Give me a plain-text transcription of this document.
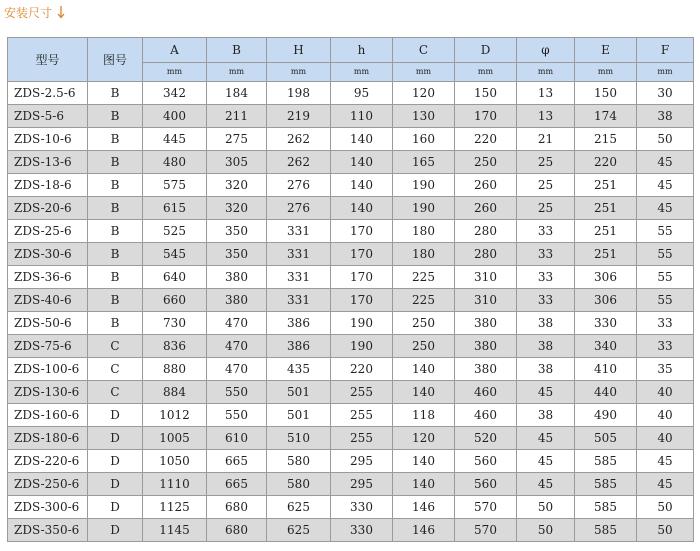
安装尺寸
型号	图号	A	B	H	h	C	D	φ	E	F
		mm	mm	mm	mm	mm	mm	mm	mm	mm
ZDS-2.5-6	B	342	184	198	95	120	150	13	150	30
ZDS-5-6	B	400	211	219	110	130	170	13	174	38
ZDS-10-6	B	445	275	262	140	160	220	21	215	50
ZDS-13-6	B	480	305	262	140	165	250	25	220	45
ZDS-18-6	B	575	320	276	140	190	260	25	251	45
ZDS-20-6	B	615	320	276	140	190	260	25	251	45
ZDS-25-6	B	525	350	331	170	180	280	33	251	55
ZDS-30-6	B	545	350	331	170	180	280	33	251	55
ZDS-36-6	B	640	380	331	170	225	310	33	306	55
ZDS-40-6	B	660	380	331	170	225	310	33	306	55
ZDS-50-6	B	730	470	386	190	250	380	38	330	33
ZDS-75-6	C	836	470	386	190	250	380	38	340	33
ZDS-100-6	C	880	470	435	220	140	380	38	410	35
ZDS-130-6	C	884	550	501	255	140	460	45	440	40
ZDS-160-6	D	1012	550	501	255	118	460	38	490	40
ZDS-180-6	D	1005	610	510	255	120	520	45	505	40
ZDS-220-6	D	1050	665	580	295	140	560	45	585	45
ZDS-250-6	D	1110	665	580	295	140	560	45	585	45
ZDS-300-6	D	1125	680	625	330	146	570	50	585	50
ZDS-350-6	D	1145	680	625	330	146	570	50	585	50
